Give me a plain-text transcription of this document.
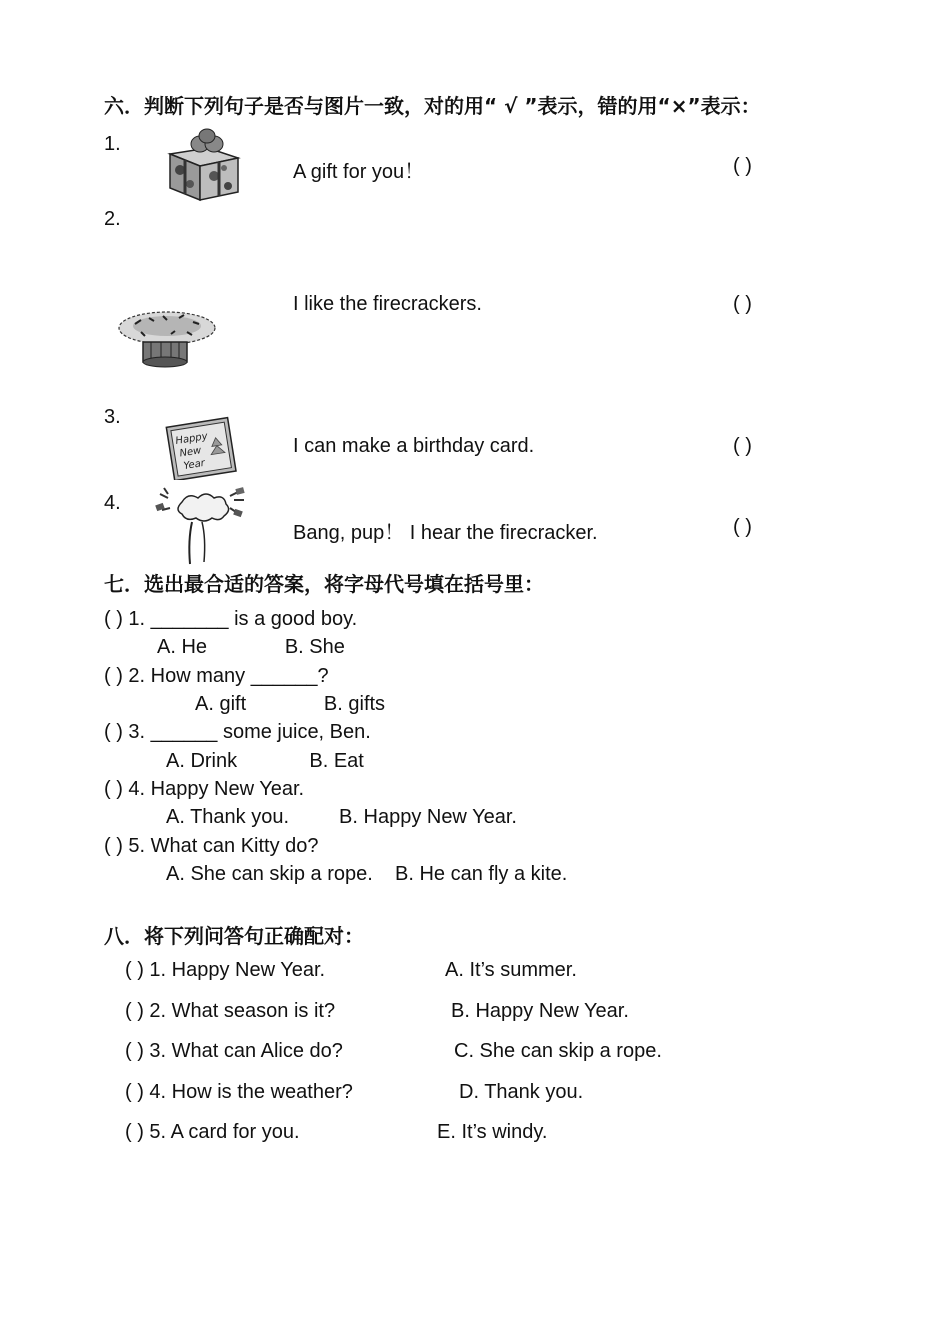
六．判断下列句子是否与图片一致，对的用“ √ ”表示，错的用“×”表示：
1.
A gift for you！	( )
2.
I like the firecrackers.	( )
3.
Happy
New
Year
I can make a birthday card.	( )
4.
Bang, pup！ I hear the firecracker.	( )
七．选出最合适的答案，将字母代号填在括号里：
( ) 1. _______ is a good boy.
A. He              B. She
( ) 2. How many ______?
A. gift              B. gifts
( ) 3. ______ some juice, Ben.
A. Drink             B. Eat
( ) 4. Happy New Year.
A. Thank you.         B. Happy New Year.
( ) 5. What can Kitty do?
A. She can skip a rope.    B. He can fly a kite.
八．将下列问答句正确配对：
( ) 1. Happy New Year.	A. It’s summer.
( ) 2. What season is it?	B. Happy New Year.
( ) 3. What can Alice do?	C. She can skip a rope.
( ) 4. How is the weather?	D. Thank you.
( ) 5. A card for you.	E. It’s windy.
